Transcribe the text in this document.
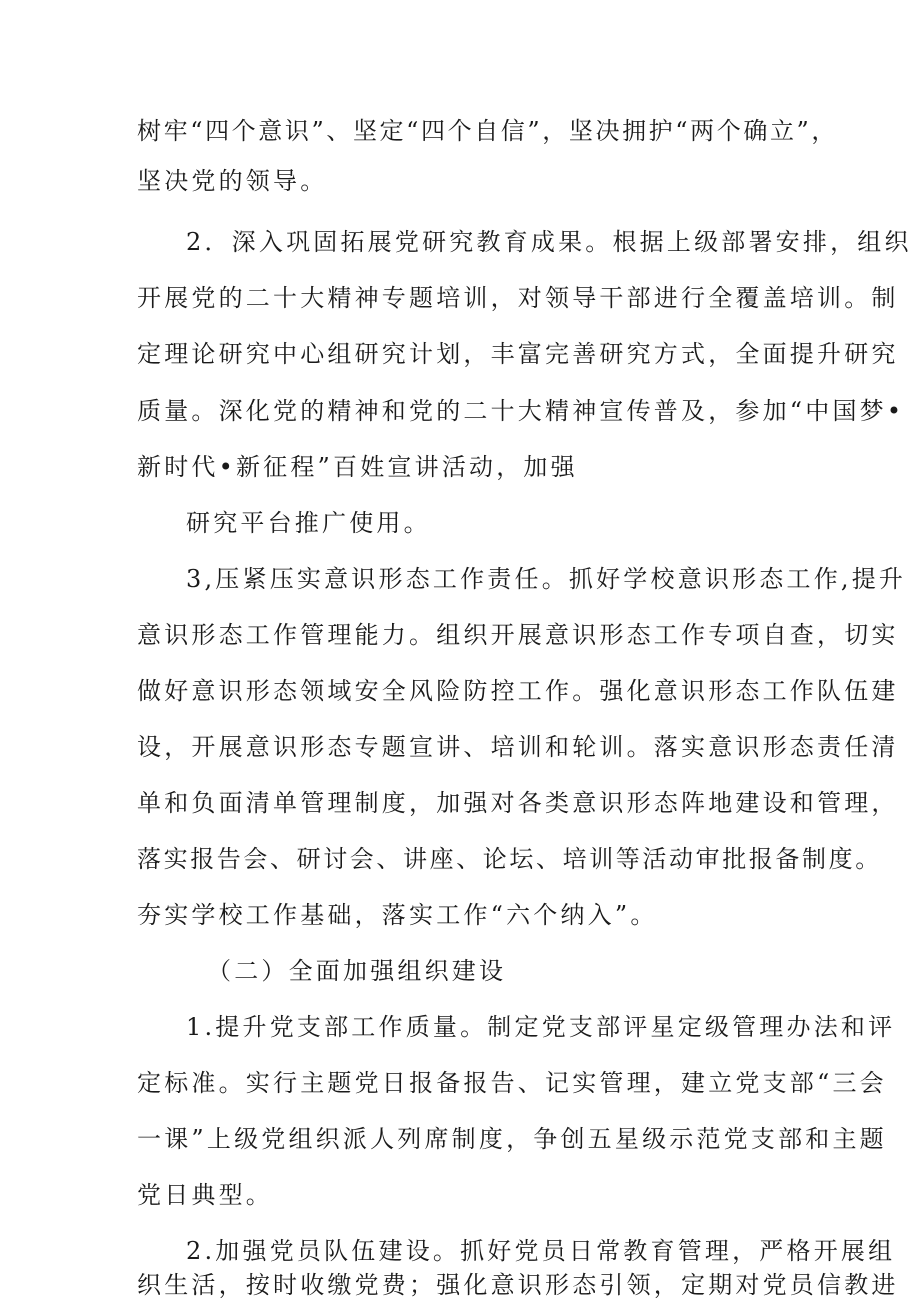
树牢“四个意识”、坚定“四个自信”，坚决拥护“两个确立”，
坚决党的领导。
2．深入巩固拓展党研究教育成果。根据上级部署安排，组织
开展党的二十大精神专题培训，对领导干部进行全覆盖培训。制
定理论研究中心组研究计划，丰富完善研究方式，全面提升研究
质量。深化党的精神和党的二十大精神宣传普及，参加“中国梦•
新时代•新征程”百姓宣讲活动，加强
研究平台推广使用。
3,压紧压实意识形态工作责任。抓好学校意识形态工作,提升
意识形态工作管理能力。组织开展意识形态工作专项自查，切实
做好意识形态领域安全风险防控工作。强化意识形态工作队伍建
设，开展意识形态专题宣讲、培训和轮训。落实意识形态责任清
单和负面清单管理制度，加强对各类意识形态阵地建设和管理，
落实报告会、研讨会、讲座、论坛、培训等活动审批报备制度。
夯实学校工作基础，落实工作“六个纳入”。
（二）全面加强组织建设
1.提升党支部工作质量。制定党支部评星定级管理办法和评
定标准。实行主题党日报备报告、记实管理，建立党支部“三会
一课”上级党组织派人列席制度，争创五星级示范党支部和主题
党日典型。
2.加强党员队伍建设。抓好党员日常教育管理，严格开展组
织生活，按时收缴党费；强化意识形态引领，定期对党员信教进
